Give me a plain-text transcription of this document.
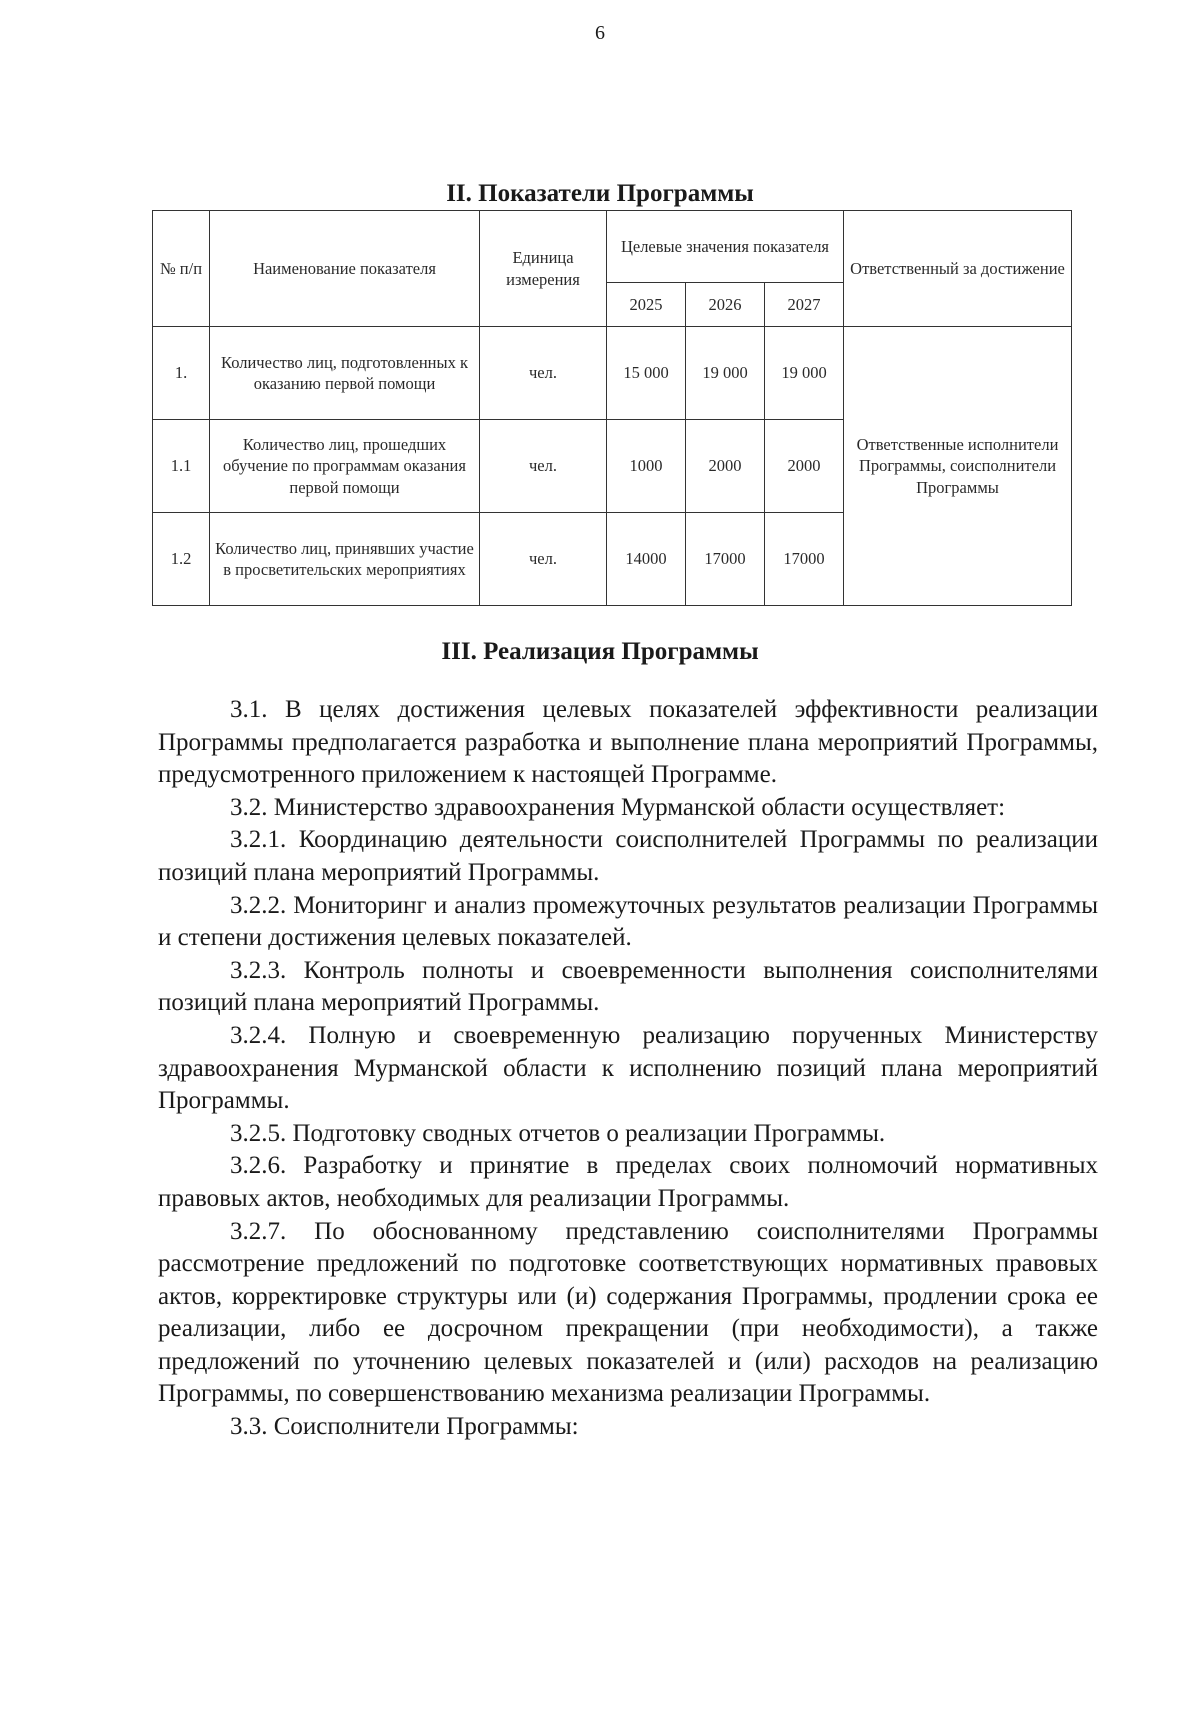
6
II. Показатели Программы
№ п/п	Наименование показателя	Единица измерения	Целевые значения показателя			Ответственный за достижение
			2025	2026	2027	
1.	Количество лиц, подготовленных к оказанию первой помощи	чел.	15 000	19 000	19 000	Ответственные исполнители Программы, соисполнители Программы
1.1	Количество лиц, прошедших обучение по программам оказания первой помощи	чел.	1000	2000	2000	
1.2	Количество лиц, принявших участие в просветительских мероприятиях	чел.	14000	17000	17000	
III. Реализация Программы

3.1. В целях достижения целевых показателей эффективности реализации Программы предполагается разработка и выполнение плана мероприятий Программы, предусмотренного приложением к настоящей Программе.

3.2. Министерство здравоохранения Мурманской области осуществляет:

3.2.1. Координацию деятельности соисполнителей Программы по реализации позиций плана мероприятий Программы.

3.2.2. Мониторинг и анализ промежуточных результатов реализации Программы и степени достижения целевых показателей.

3.2.3. Контроль полноты и своевременности выполнения соисполнителями позиций плана мероприятий Программы.

3.2.4. Полную и своевременную реализацию порученных Министерству здравоохранения Мурманской области к исполнению позиций плана мероприятий Программы.

3.2.5. Подготовку сводных отчетов о реализации Программы.

3.2.6. Разработку и принятие в пределах своих полномочий нормативных правовых актов, необходимых для реализации Программы.

3.2.7. По обоснованному представлению соисполнителями Программы рассмотрение предложений по подготовке соответствующих нормативных правовых актов, корректировке структуры или (и) содержания Программы, продлении срока ее реализации, либо ее досрочном прекращении (при необходимости), а также предложений по уточнению целевых показателей и (или) расходов на реализацию Программы, по совершенствованию механизма реализации Программы.

3.3. Соисполнители Программы:
